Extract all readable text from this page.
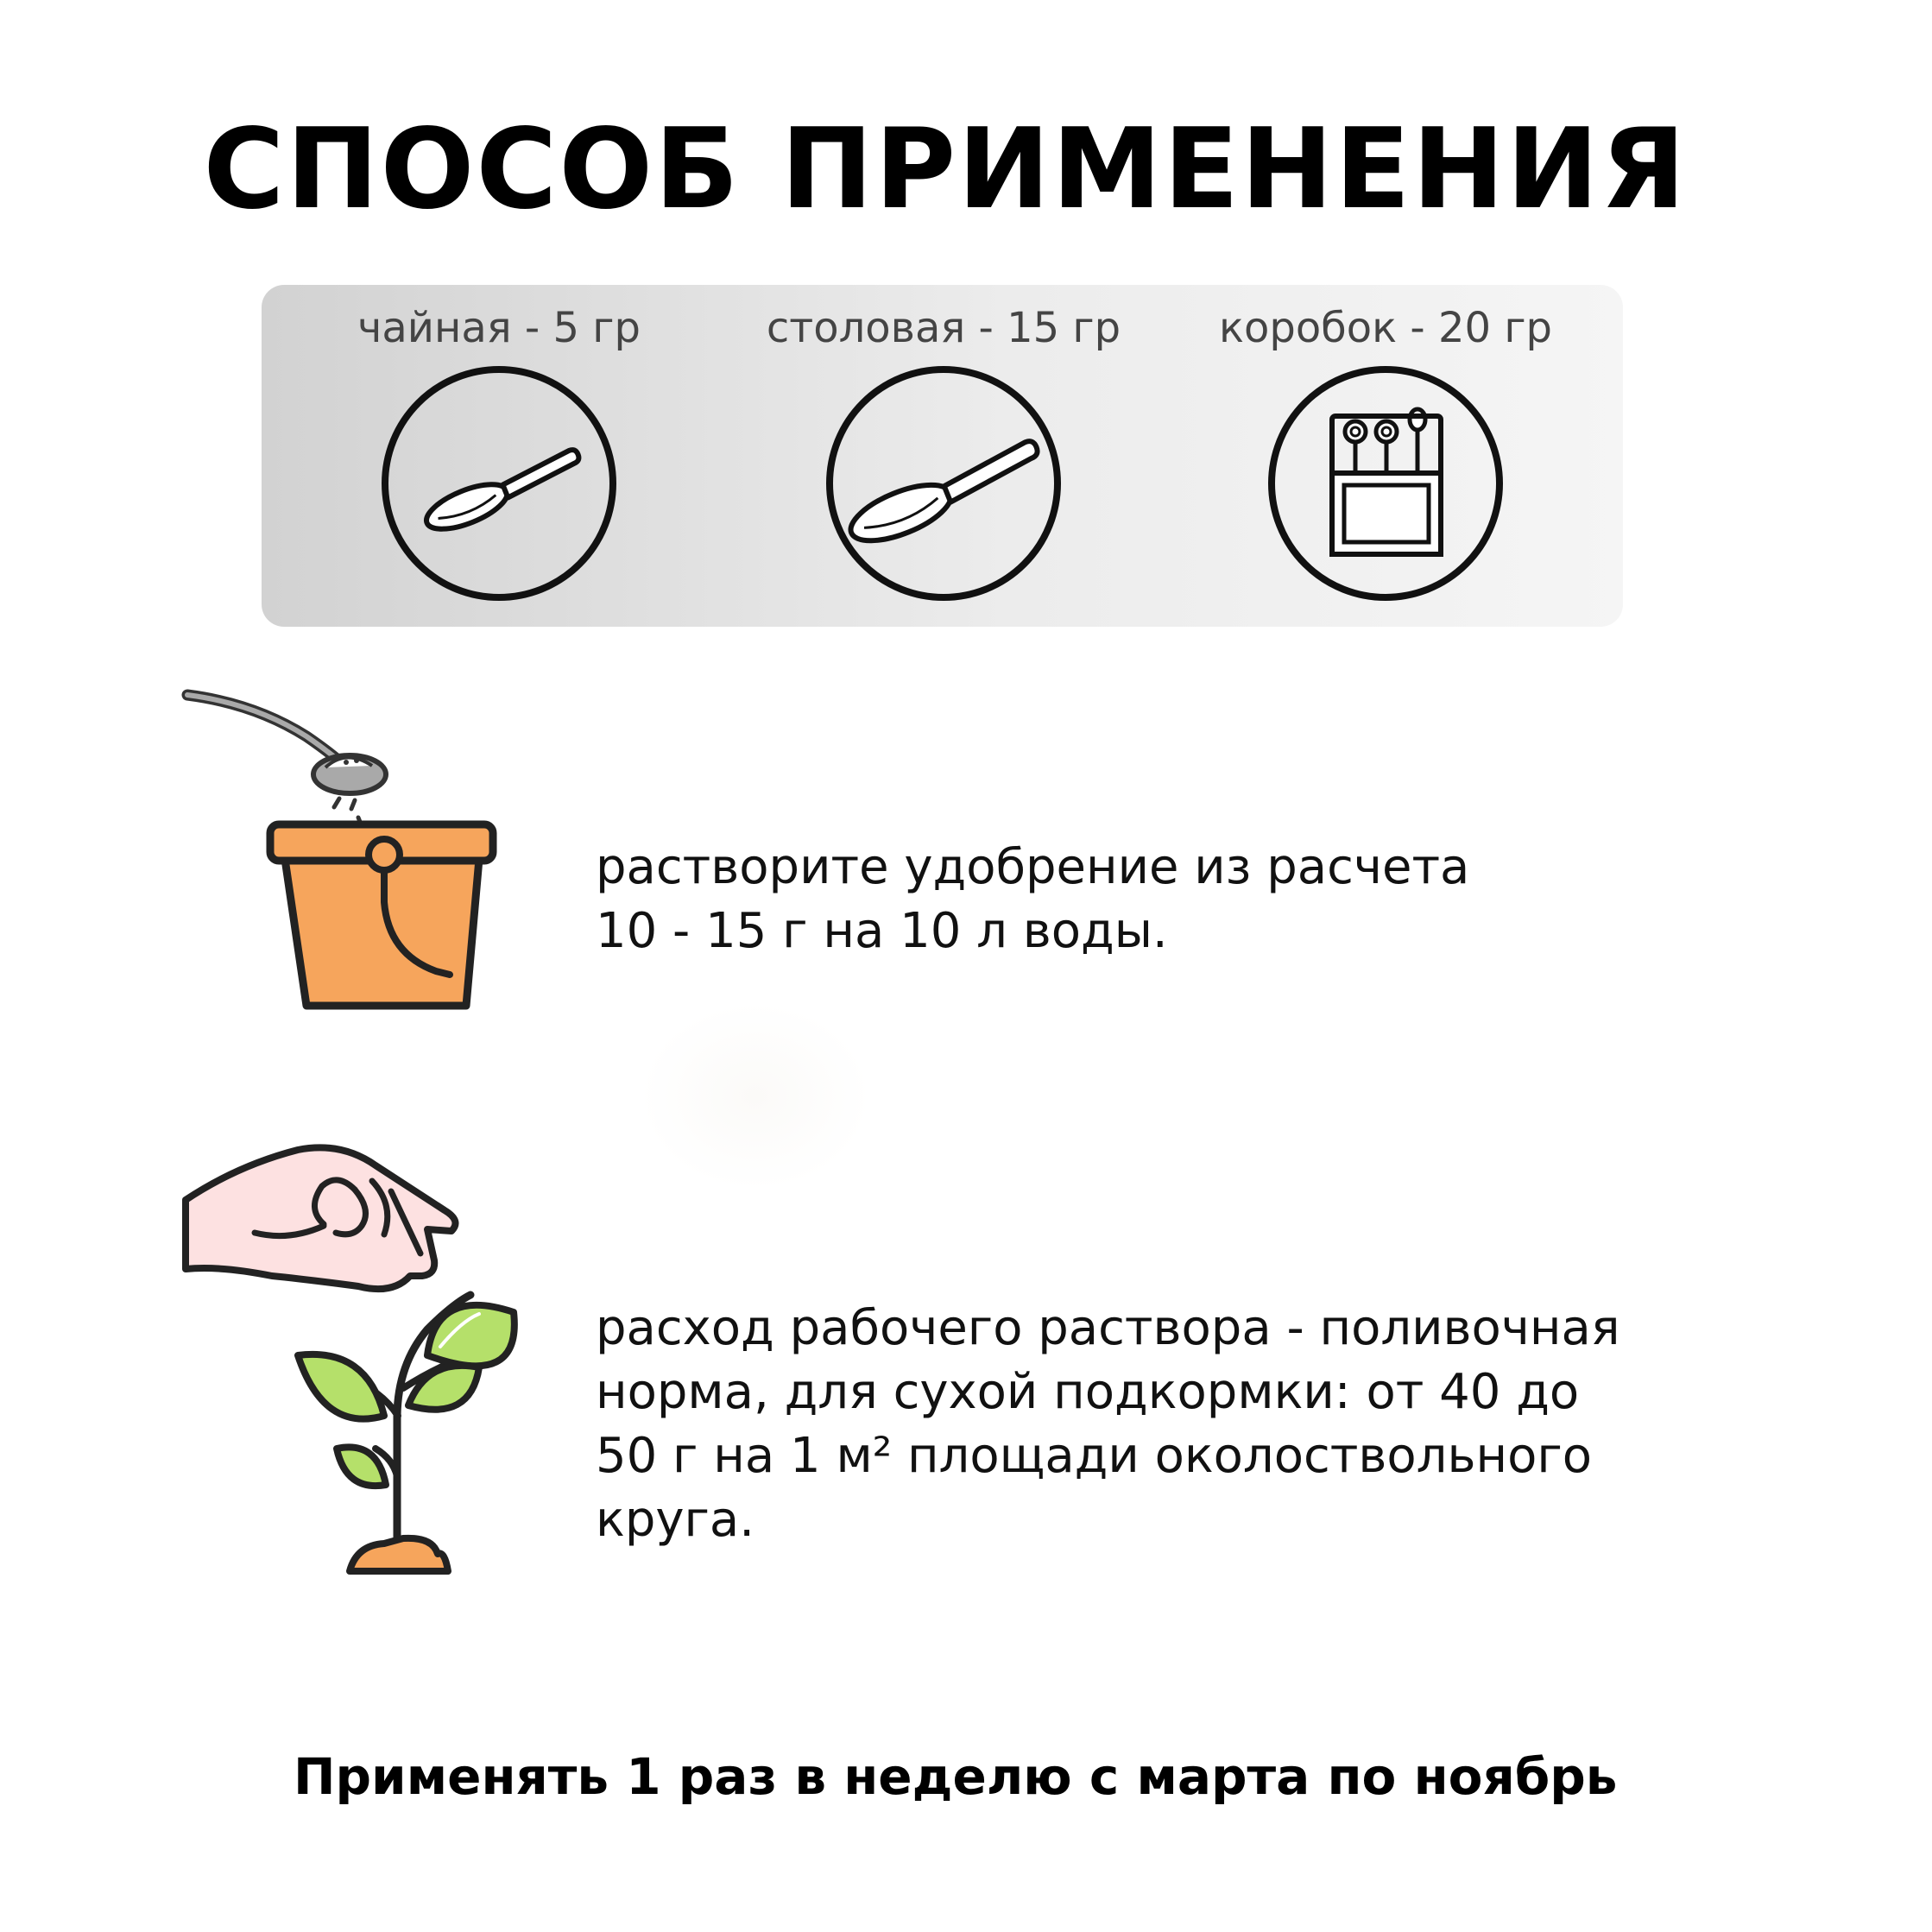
СПОСОБ ПРИМЕНЕНИЯ
чайная - 5 гр	столовая - 15 гр	коробок - 20 гр

растворите удобрение из расчета
10 - 15 г на 10 л воды.

расход рабочего раствора - поливочная
норма, для сухой подкормки: от 40 до
50 г на 1 м² площади околоствольного
круга.

Применять 1 раз в неделю с марта по ноябрь
